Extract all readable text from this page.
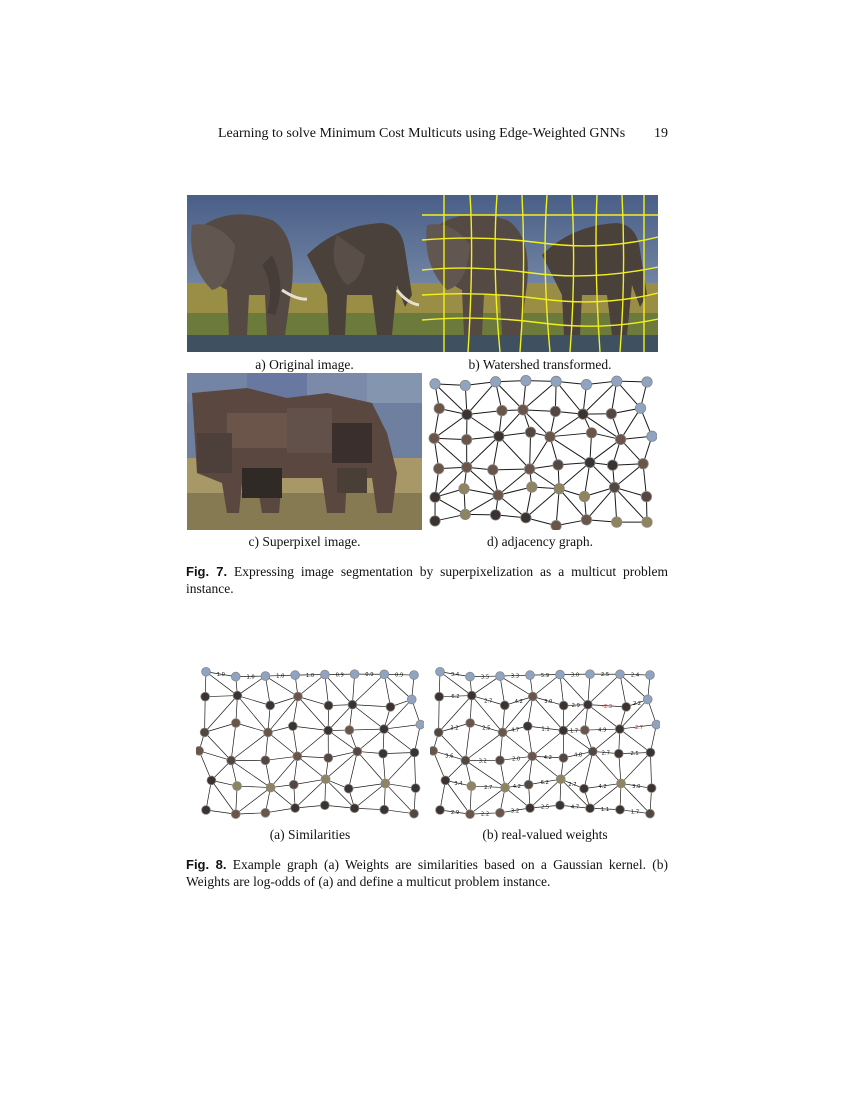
Learning to solve Minimum Cost Multicuts using Edge-Weighted GNNs 19
a) Original image.	b) Watershed transformed.
c) Superpixel image.	d) adjacency graph.
Fig. 7. Expressing image segmentation by superpixelization as a multicut problem instance.
1.0	1.0	1.0	1.0	0.9	0.9	0.9
(a) Similarities
3.4	3.5	3.3	5.9	3.0	2.5	2.4
6.2
2.7	4.2	3.0
2.9	-2.3	2.2
3.2	2.5	4.7	1.1	1.7	4.9	-2.7
3.6
3.2	2.0	4.2	4.8	2.7	2.5
3.4
2.7	4.2
6.2	2.7	4.2	3.0
2.9	2.2
3.2
2.5	4.7	1.1	1.7
(b) real-valued weights
Fig. 8. Example graph (a) Weights are similarities based on a Gaussian kernel. (b) Weights are log-odds of (a) and define a multicut problem instance.
